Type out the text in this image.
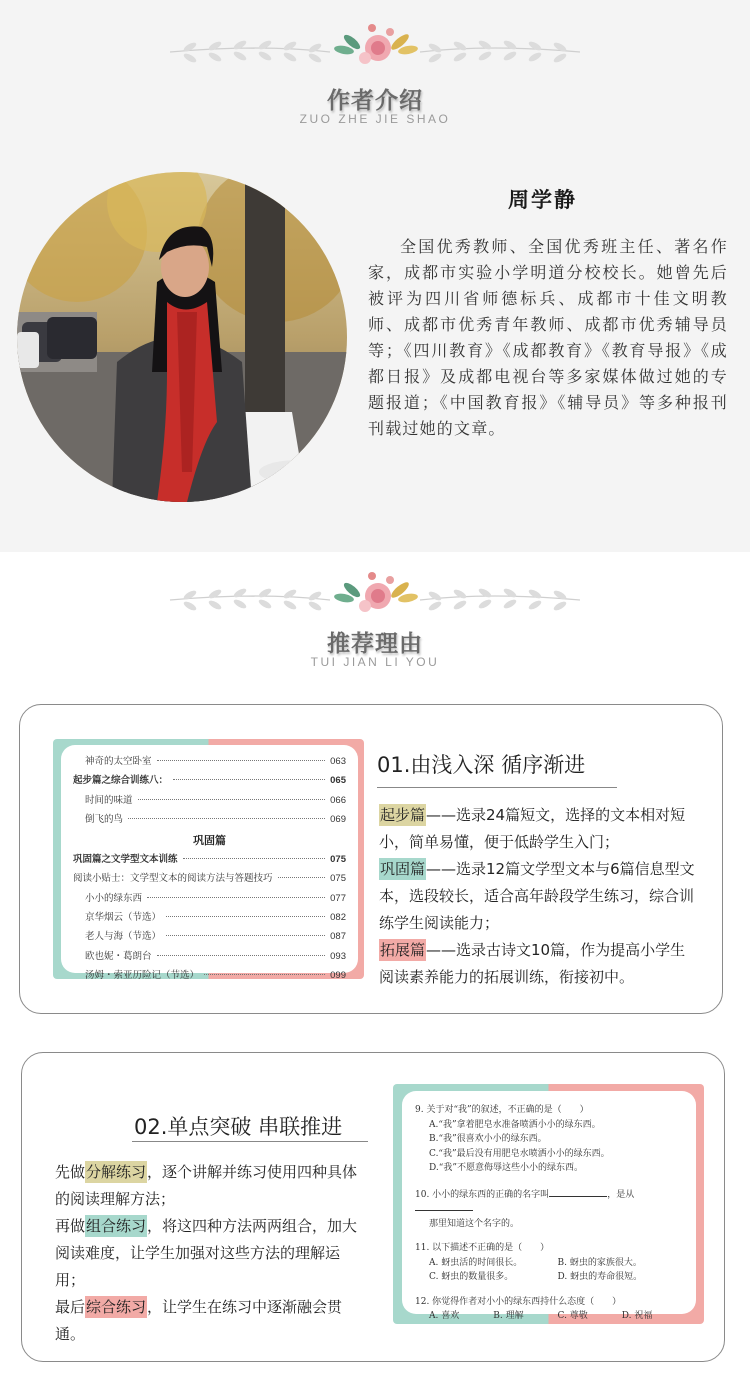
作者介绍
ZUO ZHE JIE SHAO
周学静

全国优秀教师、全国优秀班主任、著名作家，成都市实验小学明道分校校长。她曾先后被评为四川省师德标兵、成都市十佳文明教师、成都市优秀青年教师、成都市优秀辅导员等；《四川教育》《成都教育》《教育导报》《成都日报》及成都电视台等多家媒体做过她的专题报道；《中国教育报》《辅导员》等多种报刊刊载过她的文章。

推荐理由
TUI JIAN LI YOU
神奇的太空卧室	063
起步篇之综合训练八：	065
时间的味道	066
倒飞的鸟	069
巩固篇
巩固篇之文学型文本训练	075
阅读小贴士：文学型文本的阅读方法与答题技巧	075
小小的绿东西	077
京华烟云（节选）	082
老人与海（节选）	087
欧也妮・葛朗台	093
汤姆・索亚历险记（节选）	099
01.由浅入深 循序渐进
起步篇——选录24篇短文，选择的文本相对短小，简单易懂，便于低龄学生入门；
巩固篇——选录12篇文学型文本与6篇信息型文本，选段较长，适合高年龄段学生练习，综合训练学生阅读能力；
拓展篇——选录古诗文10篇，作为提高小学生阅读素养能力的拓展训练，衔接初中。
02.单点突破 串联推进
先做分解练习，逐个讲解并练习使用四种具体的阅读理解方法；
再做组合练习，将这四种方法两两组合，加大阅读难度，让学生加强对这些方法的理解运用；
最后综合练习，让学生在练习中逐渐融会贯通。
9. 关于对“我”的叙述，不正确的是（　　）
A.“我”拿着肥皂水准备喷洒小小的绿东西。
B.“我”很喜欢小小的绿东西。
C.“我”最后没有用肥皂水喷洒小小的绿东西。
D.“我”不愿意侮辱这些小小的绿东西。
10. 小小的绿东西的正确的名字叫	，是从
那里知道这个名字的。
11. 以下描述不正确的是（　　）
A. 蚜虫活的时间很长。	B. 蚜虫的家族很大。
C. 蚜虫的数量很多。	D. 蚜虫的寿命很短。
12. 你觉得作者对小小的绿东西持什么态度（　　）
A. 喜欢	B. 理解	C. 尊敬	D. 祝福
